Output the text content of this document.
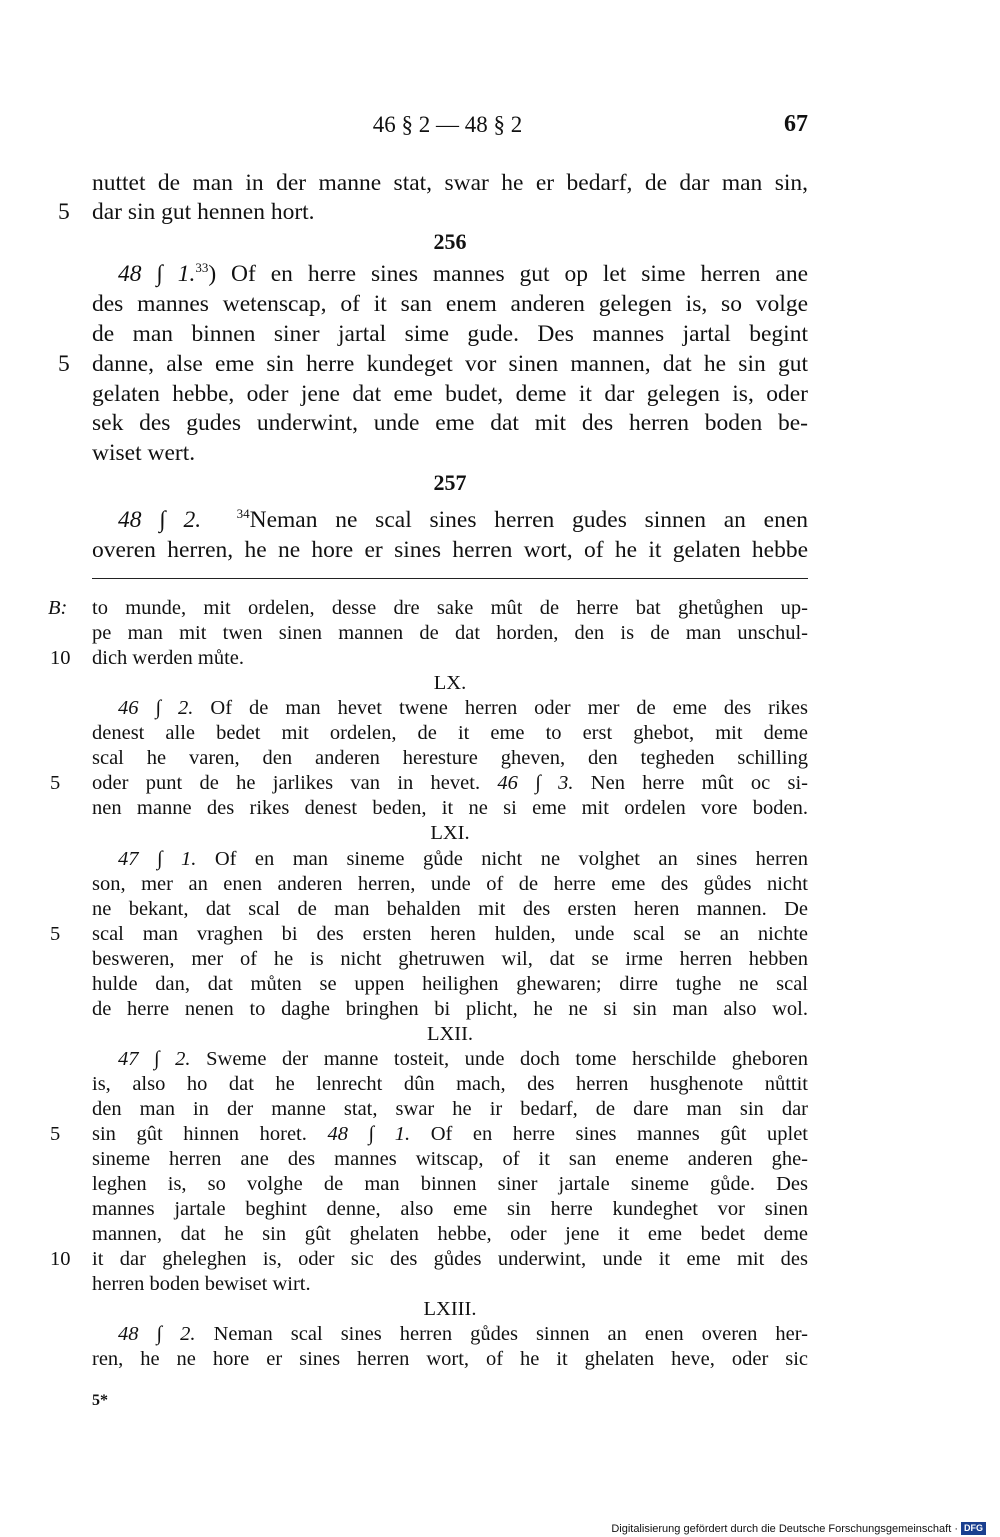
46 § 2 — 48 § 2	67
nuttet de man in der manne stat, swar he er bedarf, de dar man sin,
5 dar sin gut hennen hort.
256
48 ∫ 1.33) Of en herre sines mannes gut op let sime herren ane
des mannes wetenscap, of it san enem anderen gelegen is, so volge
de man binnen siner jartal sime gude. Des mannes jartal begint
5 danne, alse eme sin herre kundeget vor sinen mannen, dat he sin gut
gelaten hebbe, oder jene dat eme budet, deme it dar gelegen is, oder
sek des gudes underwint, unde eme dat mit des herren boden be-
wiset wert.
257
48 ∫ 2.	$^{34}$Neman ne scal sines herren gudes sinnen an enen
overen herren, he ne hore er sines herren wort, of he it gelaten hebbe
B: to munde, mit ordelen, desse dre sake mût de herre bat ghetůghen up-
pe man mit twen sinen mannen de dat horden, den is de man unschul-
10 dich werden můte.
LX.
46 ∫ 2. Of de man hevet twene herren oder mer de eme des rikes
denest alle bedet mit ordelen, de it eme to erst ghebot, mit deme
scal he varen, den anderen heresture gheven, den tegheden schilling
5 oder punt de he jarlikes van in hevet. 46 ∫ 3. Nen herre mût oc si-
nen manne des rikes denest beden, it ne si eme mit ordelen vore boden.
LXI.
47 ∫ 1. Of en man sineme gůde nicht ne volghet an sines herren
son, mer an enen anderen herren, unde of de herre eme des gůdes nicht
ne bekant, dat scal de man behalden mit des ersten heren mannen. De
5 scal man vraghen bi des ersten heren hulden, unde scal se an nichte
besweren, mer of he is nicht ghetruwen wil, dat se irme herren hebben
hulde dan, dat můten se uppen heilighen ghewaren; dirre tughe ne scal
de herre nenen to daghe bringhen bi plicht, he ne si sin man also wol.
LXII.
47 ∫ 2. Sweme der manne tosteit, unde doch tome herschilde gheboren
is, also ho dat he lenrecht dûn mach, des herren husghenote nůttit
den man in der manne stat, swar he ir bedarf, de dare man sin dar
5 sin gût hinnen horet. 48 ∫ 1. Of en herre sines mannes gût uplet
sineme herren ane des mannes witscap, of it san eneme anderen ghe-
leghen is, so volghe de man binnen siner jartale sineme gůde. Des
mannes jartale beghint denne, also eme sin herre kundeghet vor sinen
mannen, dat he sin gût ghelaten hebbe, oder jene it eme bedet deme
10 it dar gheleghen is, oder sic des gůdes underwint, unde it eme mit des
herren boden bewiset wirt.
LXIII.
48 ∫ 2. Neman scal sines herren gůdes sinnen an enen overen her-
ren, he ne hore er sines herren wort, of he it ghelaten heve, oder sic
5*
Digitalisierung gefördert durch die Deutsche Forschungsgemeinschaft · DFG
